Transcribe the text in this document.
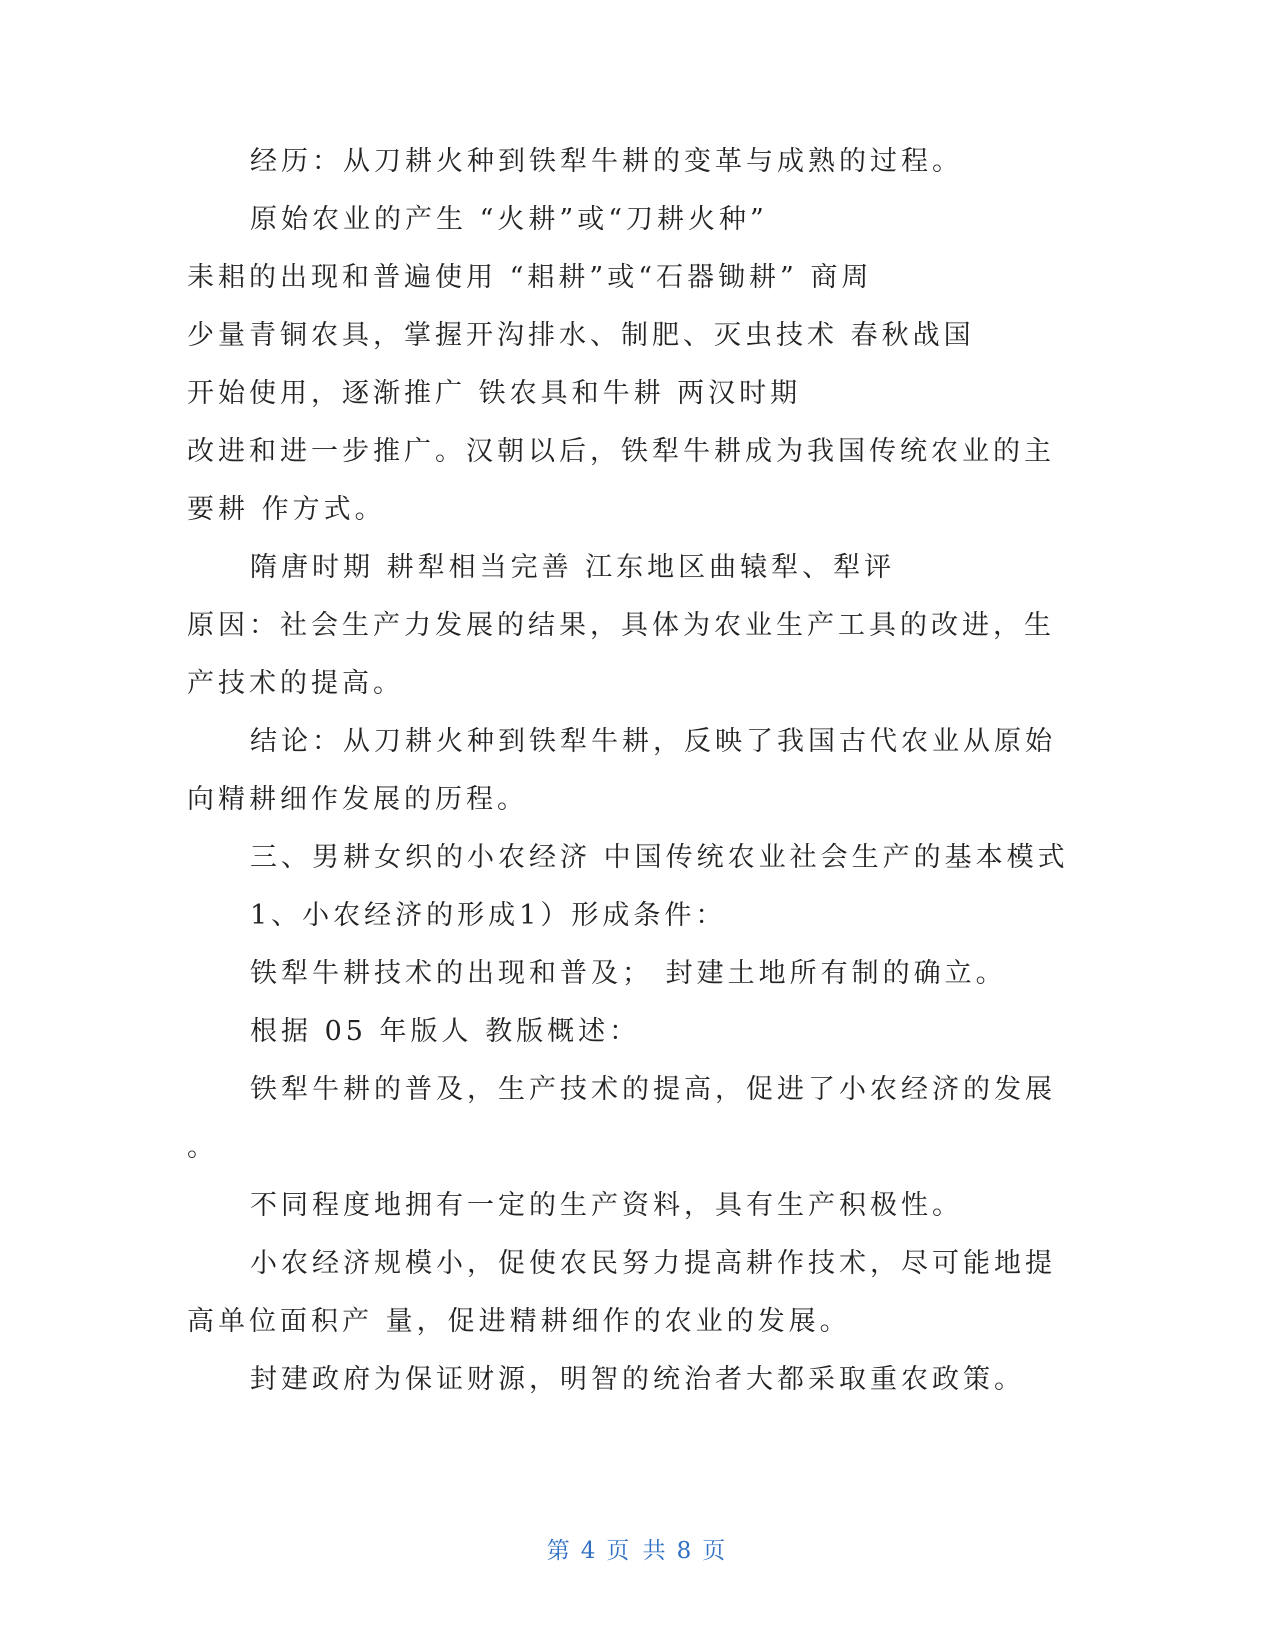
经历：从刀耕火种到铁犁牛耕的变革与成熟的过程。
原始农业的产生 “火耕”或“刀耕火种”
耒耜的出现和普遍使用 “耜耕”或“石器锄耕” 商周
少量青铜农具，掌握开沟排水、制肥、灭虫技术 春秋战国
开始使用，逐渐推广 铁农具和牛耕 两汉时期
改进和进一步推广。汉朝以后，铁犁牛耕成为我国传统农业的主
要耕 作方式。
隋唐时期 耕犁相当完善 江东地区曲辕犁、犁评
原因：社会生产力发展的结果，具体为农业生产工具的改进，生
产技术的提高。
结论：从刀耕火种到铁犁牛耕，反映了我国古代农业从原始
向精耕细作发展的历程。
三、男耕女织的小农经济 中国传统农业社会生产的基本模式
1、小农经济的形成1）形成条件：
铁犁牛耕技术的出现和普及； 封建土地所有制的确立。
根据 05 年版人 教版概述：
铁犁牛耕的普及，生产技术的提高，促进了小农经济的发展
。
不同程度地拥有一定的生产资料，具有生产积极性。
小农经济规模小，促使农民努力提高耕作技术，尽可能地提
高单位面积产 量，促进精耕细作的农业的发展。
封建政府为保证财源，明智的统治者大都采取重农政策。
第 4 页 共 8 页
